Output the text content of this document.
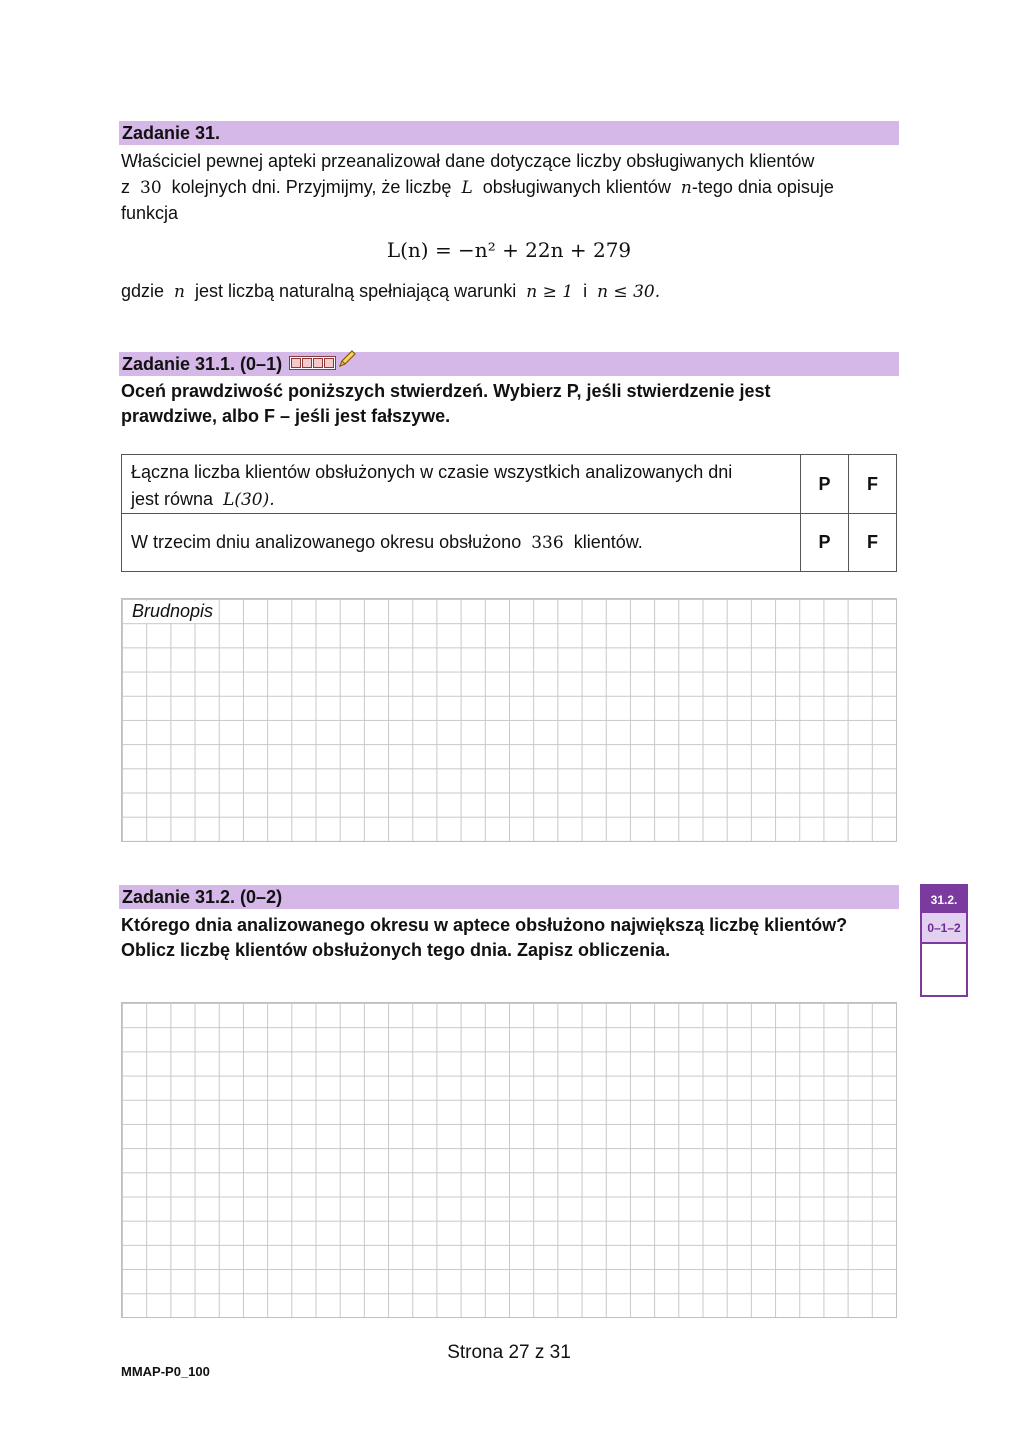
Zadanie 31.
Właściciel pewnej apteki przeanalizował dane dotyczące liczby obsługiwanych klientów
z 30 kolejnych dni. Przyjmijmy, że liczbę L obsługiwanych klientów n-tego dnia opisuje
funkcja
L(n) = −n² + 22n + 279
gdzie n jest liczbą naturalną spełniającą warunki n ≥ 1 i n ≤ 30.
Zadanie 31.1. (0–1)
Oceń prawdziwość poniższych stwierdzeń. Wybierz P, jeśli stwierdzenie jest
prawdziwe, albo F – jeśli jest fałszywe.
Łączna liczba klientów obsłużonych w czasie wszystkich analizowanych dni
jest równa L(30).
P	F
W trzecim dniu analizowanego okresu obsłużono 336 klientów.	P	F
Brudnopis
Zadanie 31.2. (0–2)	31.2.
0–1–2
Którego dnia analizowanego okresu w aptece obsłużono największą liczbę klientów?
Oblicz liczbę klientów obsłużonych tego dnia. Zapisz obliczenia.
Strona 27 z 31
MMAP-P0_100
